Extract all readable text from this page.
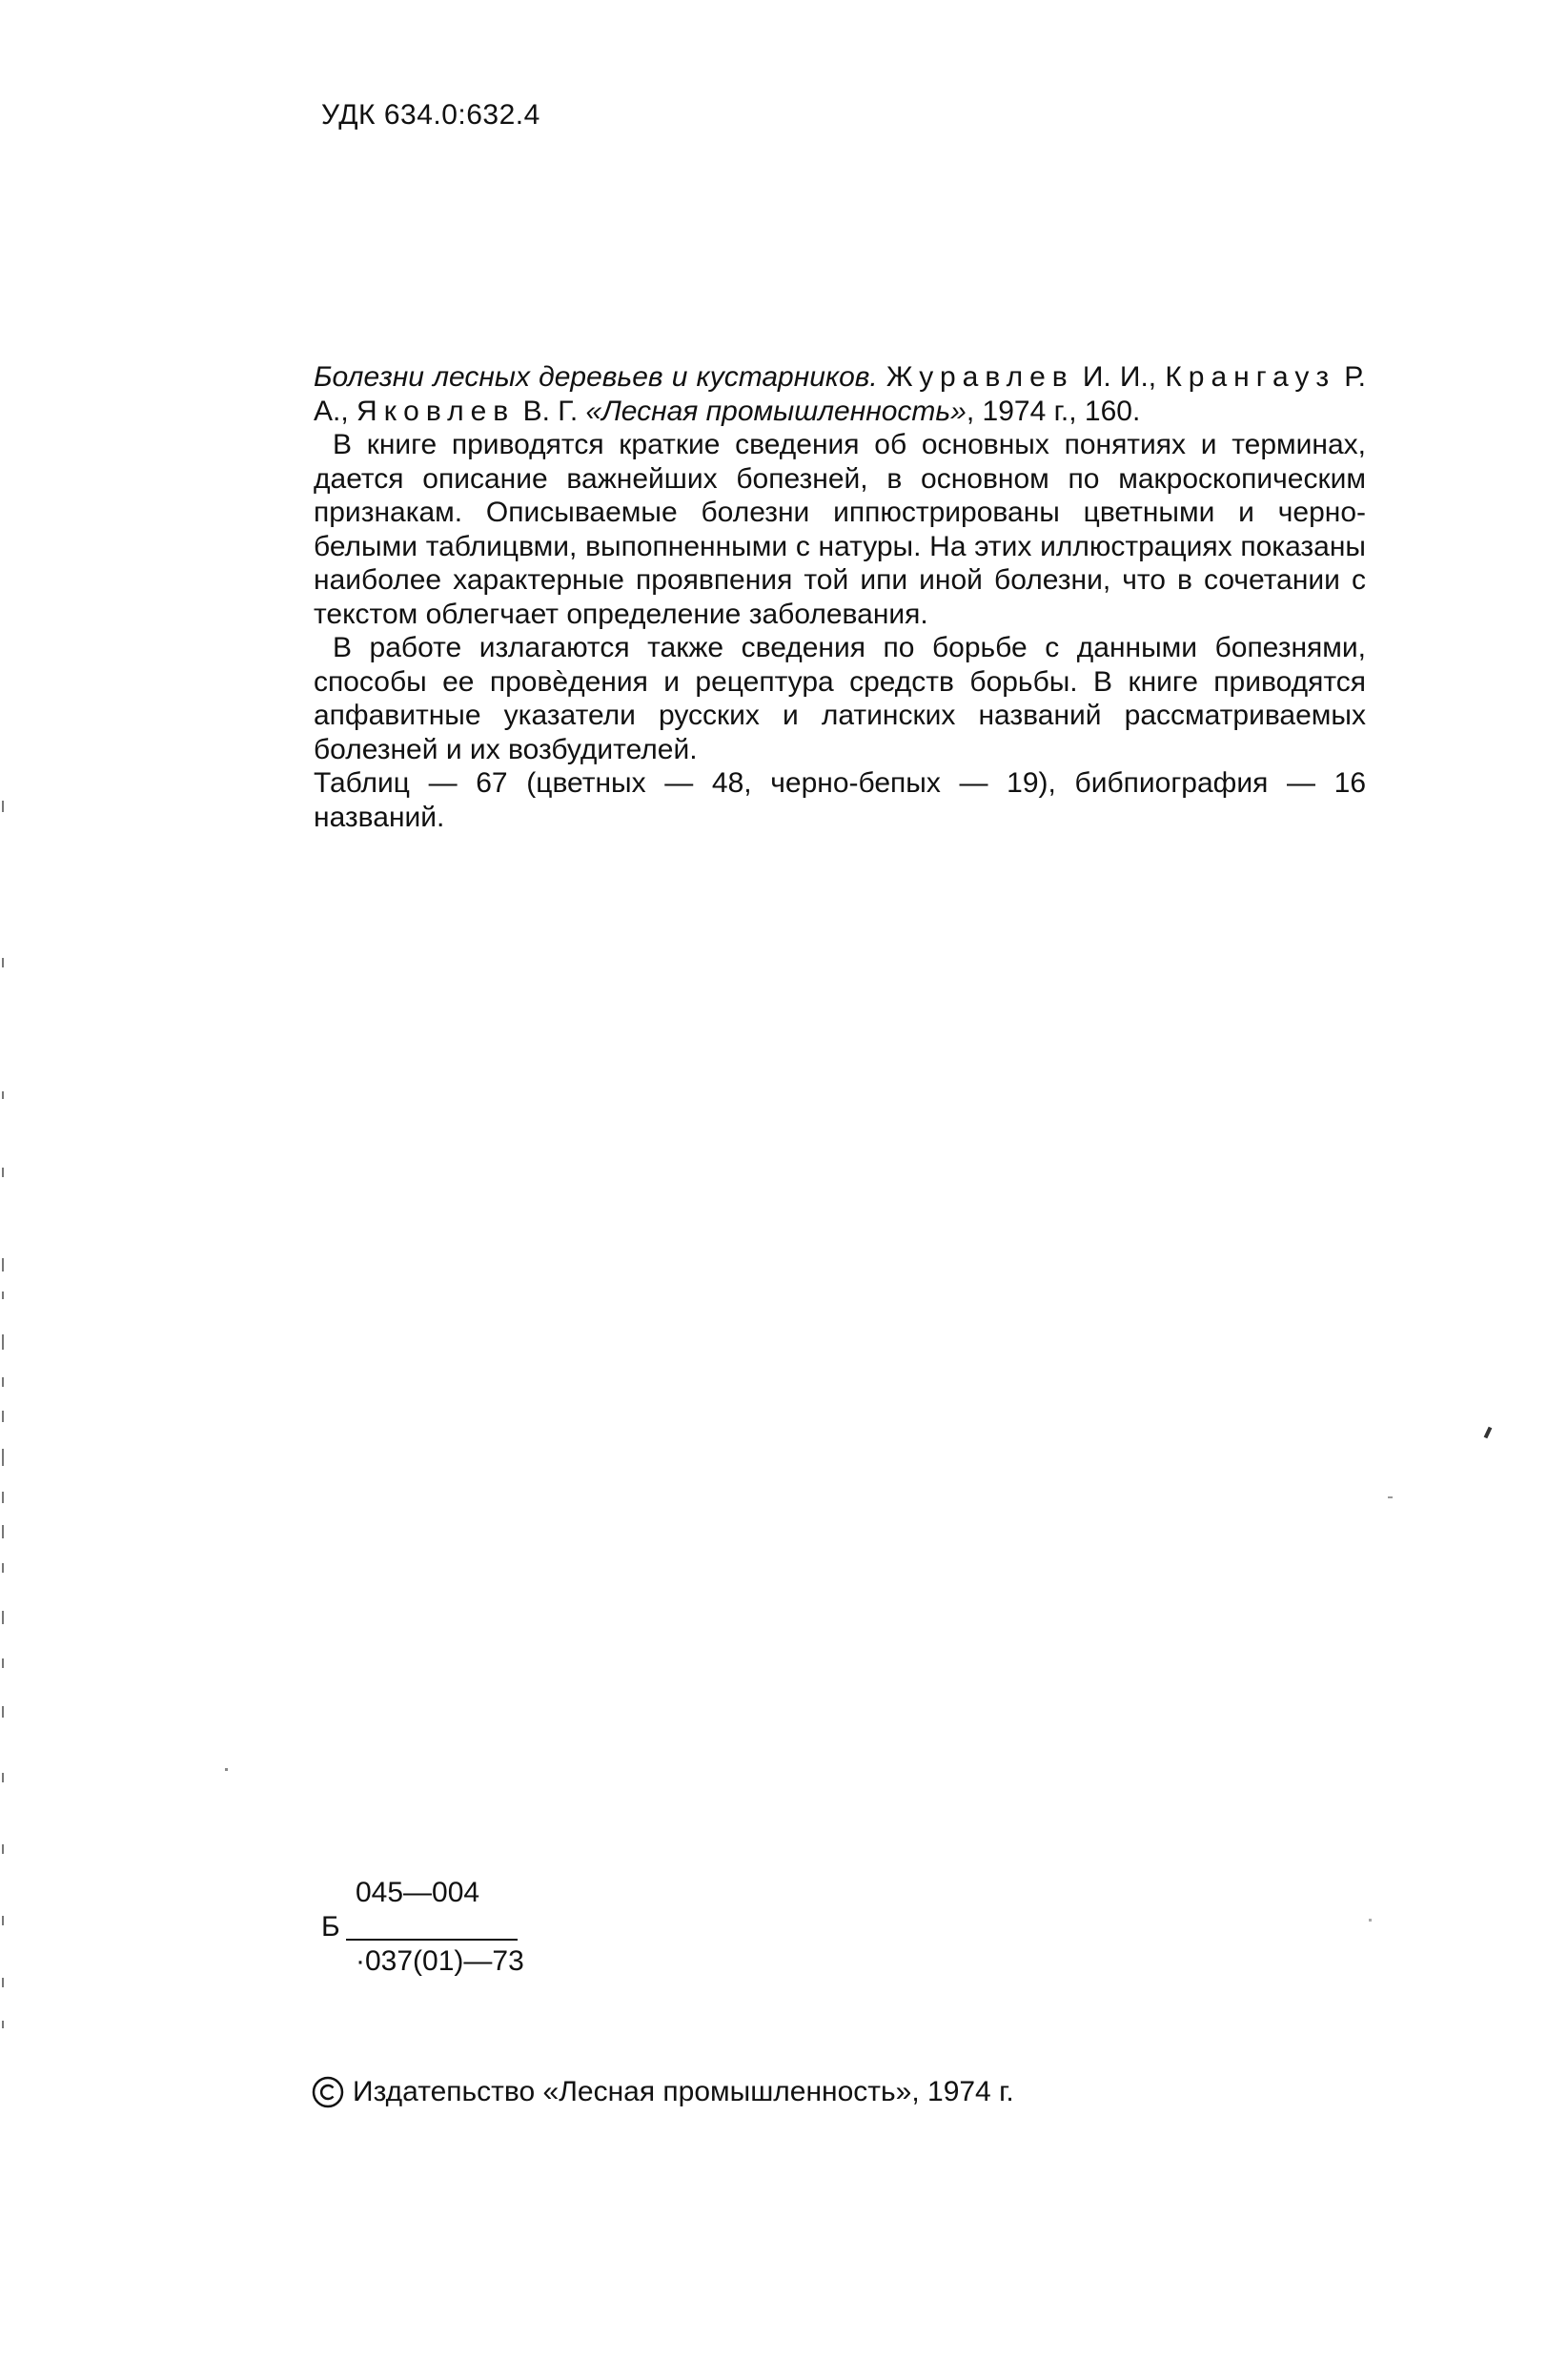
УДК 634.0:632.4

Болезни лесных деревьев и кустарников. Журавлев И. И., Крангауз Р. А., Яковлев В. Г. «Лесная промышленность», 1974 г., 160.

В книге приводятся краткие сведения об основных понятиях и терминах, дается описание важнейших бопезней, в основном по макроскопическим признакам. Описываемые болезни иппюстрированы цветными и черно-белыми таблицвми, выпопненными с натуры. На этих иллюстрациях показаны наиболее характерные проявпения той ипи иной болезни, что в сочетании с текстом облегчает определение заболевания.

В работе излагаются также сведения по борьбе с данными бопезнями, способы ее провѐдения и рецептура средств борьбы. В книге приводятся апфавитные указатели русских и латинских названий рассматриваемых болезней и их возбудителей.

Таблиц — 67 (цветных — 48, черно-бепых — 19), бибпиография — 16 названий.

045—004
Б
·037(01)—73
Издатепьство «Лесная промышленность», 1974 г.
